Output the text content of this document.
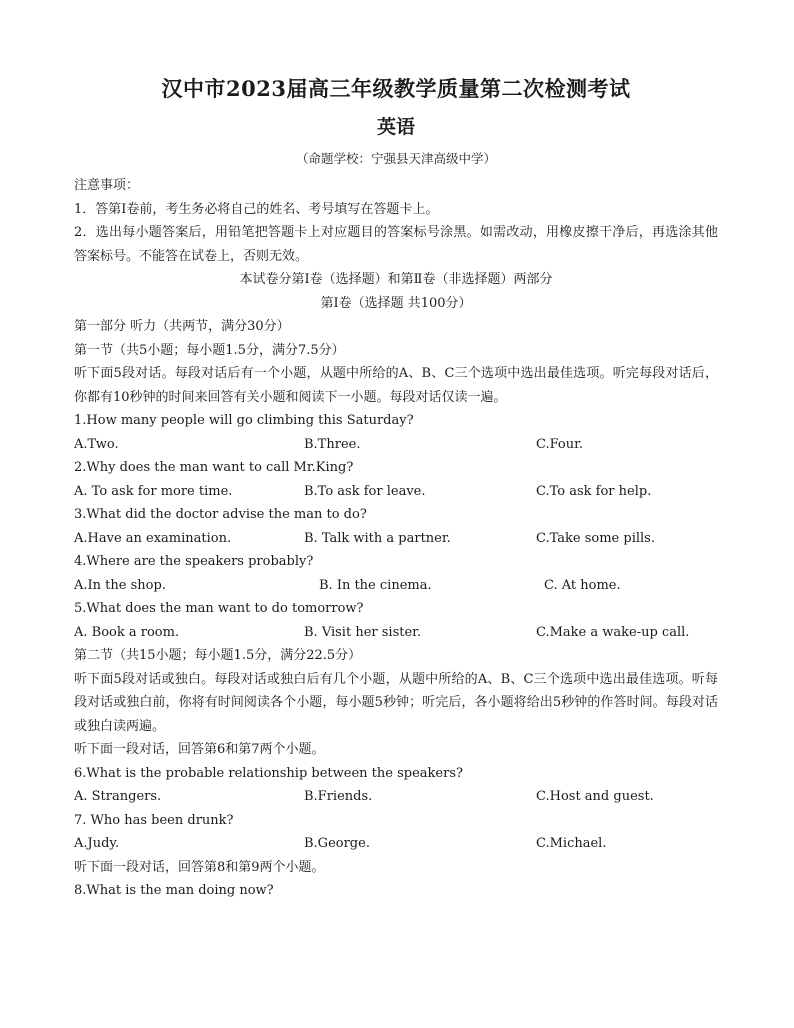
汉中市2023届高三年级教学质量第二次检测考试
英语
（命题学校：宁强县天津高级中学）
注意事项：
1．答第Ⅰ卷前，考生务必将自己的姓名、考号填写在答题卡上。
2．选出每小题答案后，用铅笔把答题卡上对应题目的答案标号涂黑。如需改动，用橡皮擦干净后，再选涂其他答案标号。不能答在试卷上，否则无效。
本试卷分第Ⅰ卷（选择题）和第Ⅱ卷（非选择题）两部分
第Ⅰ卷（选择题 共100分）
第一部分 听力（共两节，满分30分）
第一节（共5小题；每小题1.5分，满分7.5分）
听下面5段对话。每段对话后有一个小题，从题中所给的A、B、C三个选项中选出最佳选项。听完每段对话后，你都有10秒钟的时间来回答有关小题和阅读下一小题。每段对话仅读一遍。
1.How many people will go climbing this Saturday?
A.Two.	B.Three.	C.Four.
2.Why does the man want to call Mr.King?
A. To ask for more time.	B.To ask for leave.	C.To ask for help.
3.What did the doctor advise the man to do?
A.Have an examination.	B. Talk with a partner.	C.Take some pills.
4.Where are the speakers probably?
A.In the shop.	B. In the cinema.	C. At home.
5.What does the man want to do tomorrow?
A. Book a room.	B. Visit her sister.	C.Make a wake-up call.
第二节（共15小题；每小题1.5分，满分22.5分）
听下面5段对话或独白。每段对话或独白后有几个小题，从题中所给的A、B、C三个选项中选出最佳选项。听每段对话或独白前，你将有时间阅读各个小题，每小题5秒钟；听完后，各小题将给出5秒钟的作答时间。每段对话或独白读两遍。
听下面一段对话，回答第6和第7两个小题。
6.What is the probable relationship between the speakers?
A. Strangers.	B.Friends.	C.Host and guest.
7. Who has been drunk?
A.Judy.	B.George.	C.Michael.
听下面一段对话，回答第8和第9两个小题。
8.What is the man doing now?
